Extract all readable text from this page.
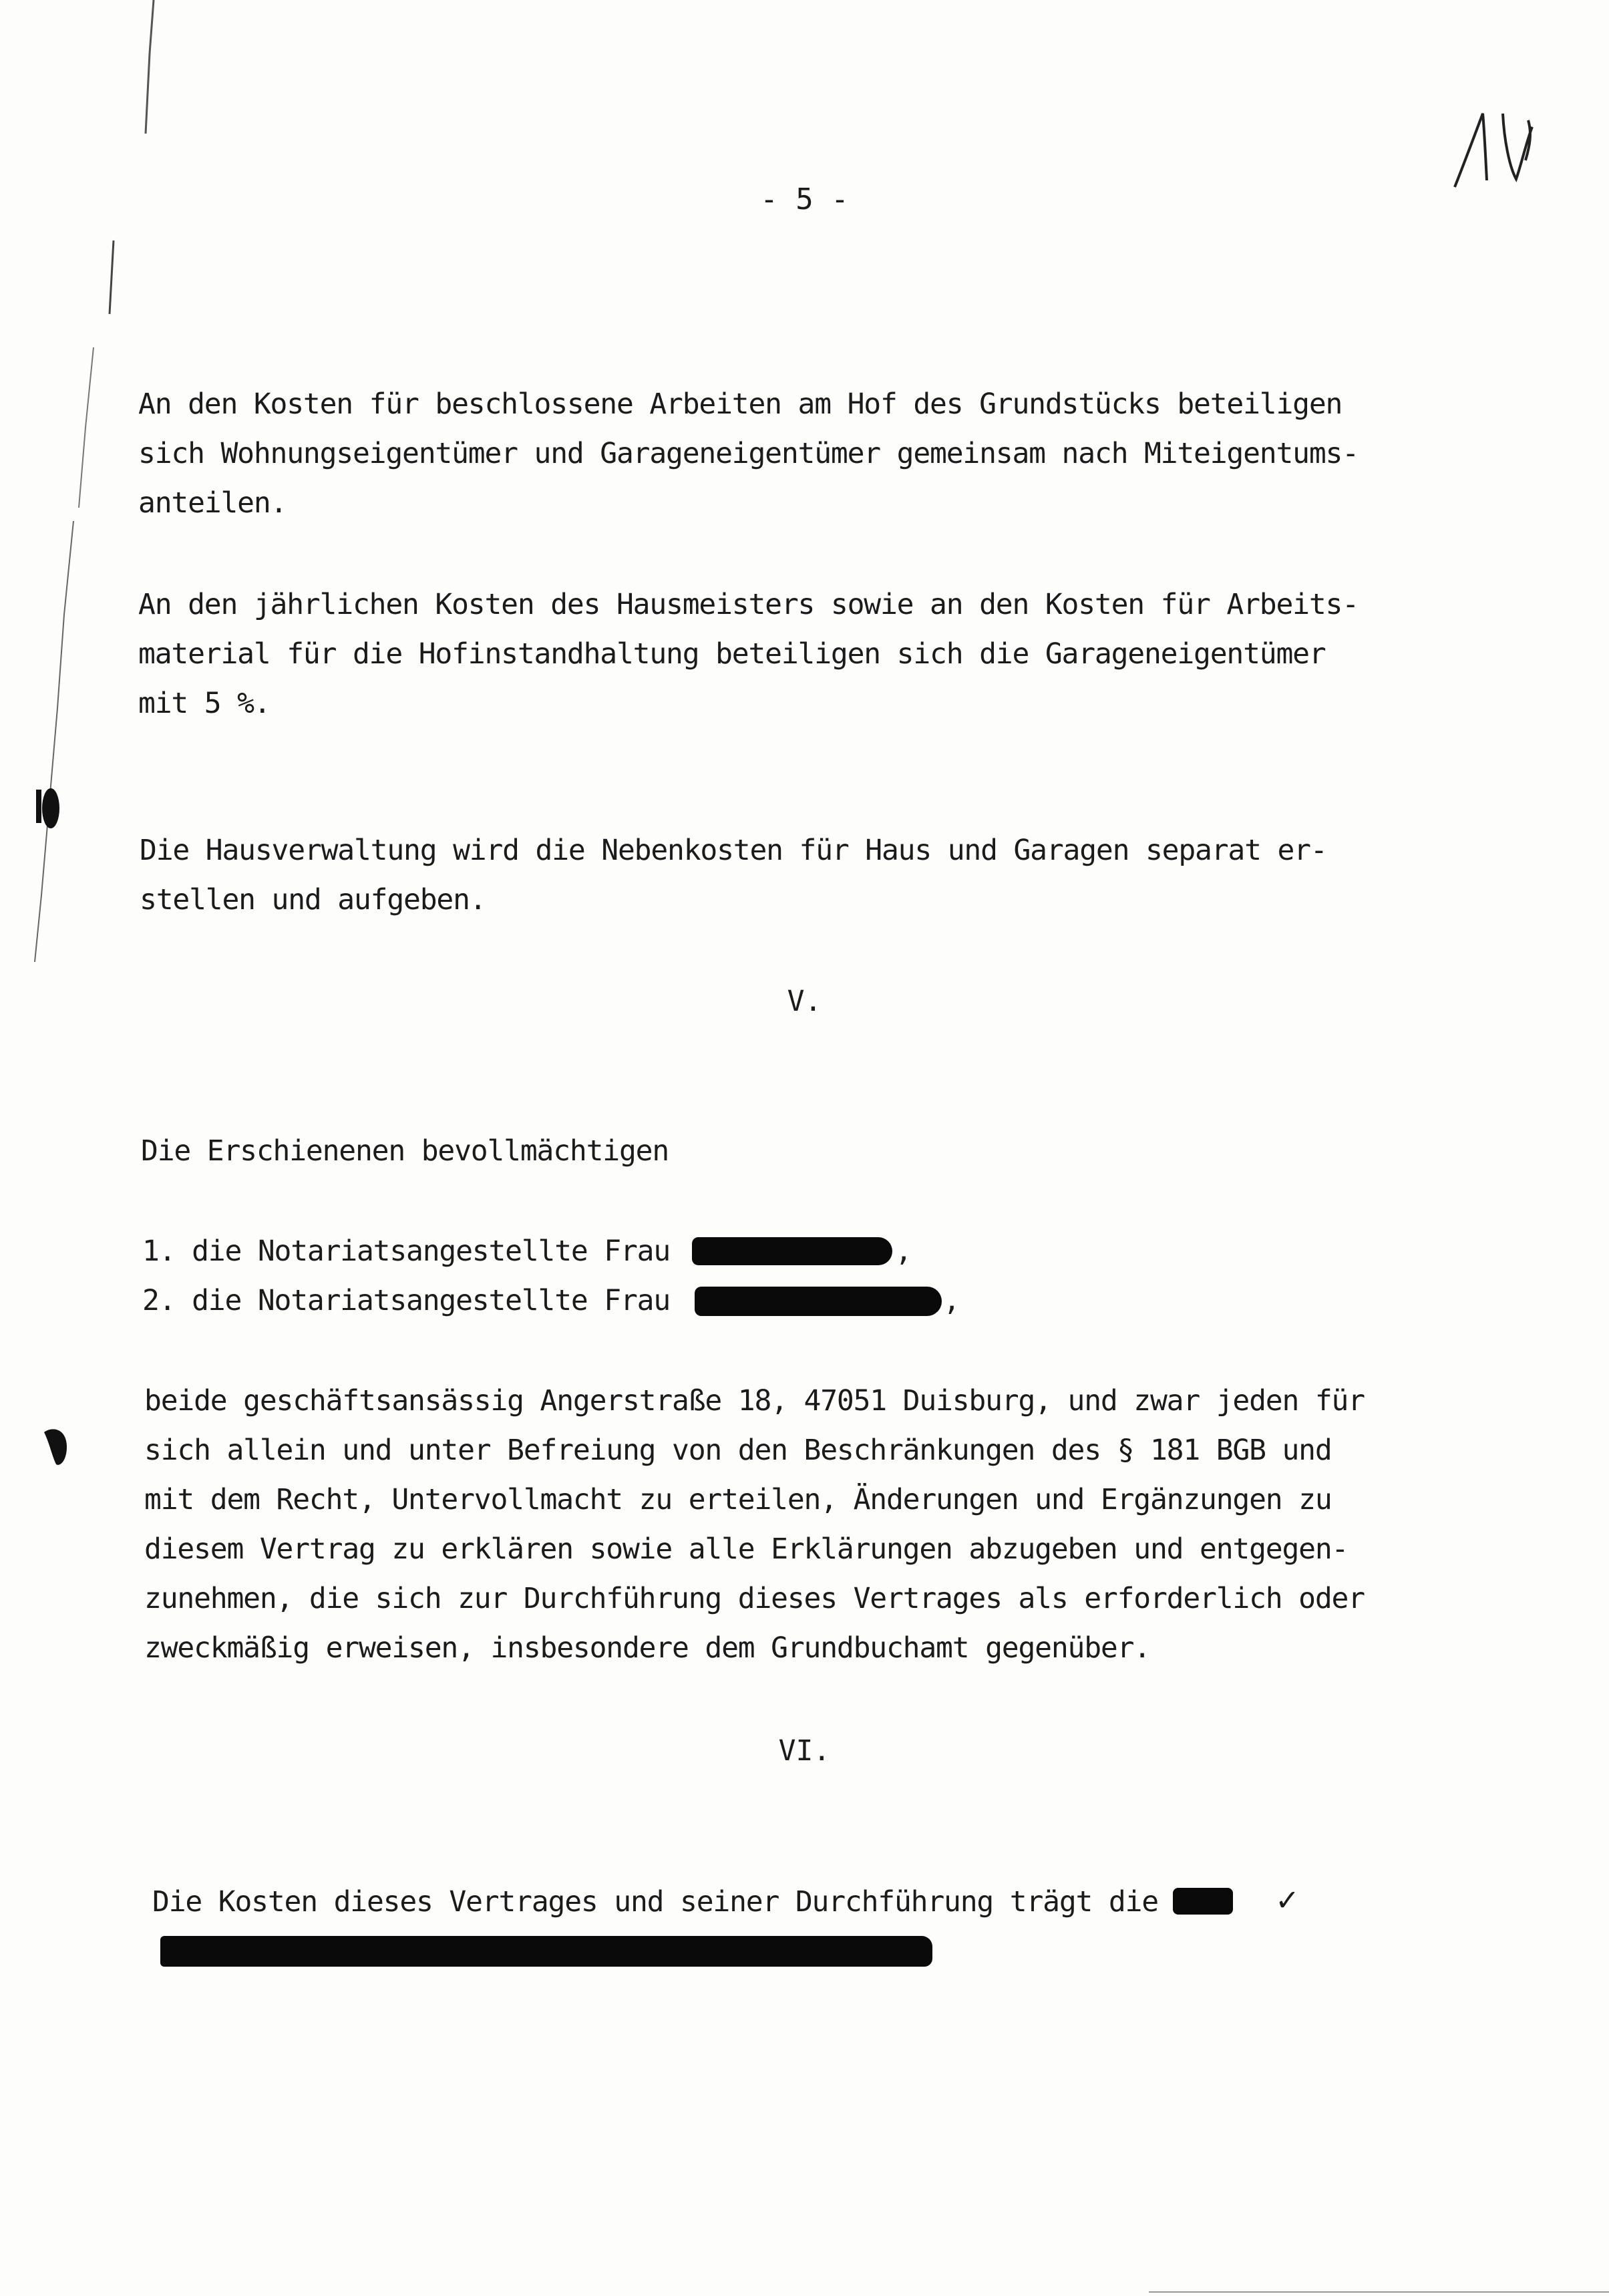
- 5 -
An den Kosten für beschlossene Arbeiten am Hof des Grundstücks beteiligen
sich Wohnungseigentümer und Garageneigentümer gemeinsam nach Miteigentums-
anteilen.
An den jährlichen Kosten des Hausmeisters sowie an den Kosten für Arbeits-
material für die Hofinstandhaltung beteiligen sich die Garageneigentümer
mit 5 %.
Die Hausverwaltung wird die Nebenkosten für Haus und Garagen separat er-
stellen und aufgeben.
V.
Die Erschienenen bevollmächtigen
1. die Notariatsangestellte Frau	,
2. die Notariatsangestellte Frau	,
beide geschäftsansässig Angerstraße 18, 47051 Duisburg, und zwar jeden für
sich allein und unter Befreiung von den Beschränkungen des § 181 BGB und
mit dem Recht, Untervollmacht zu erteilen, Änderungen und Ergänzungen zu
diesem Vertrag zu erklären sowie alle Erklärungen abzugeben und entgegen-
zunehmen, die sich zur Durchführung dieses Vertrages als erforderlich oder
zweckmäßig erweisen, insbesondere dem Grundbuchamt gegenüber.
VI.
Die Kosten dieses Vertrages und seiner Durchführung trägt die	✓
